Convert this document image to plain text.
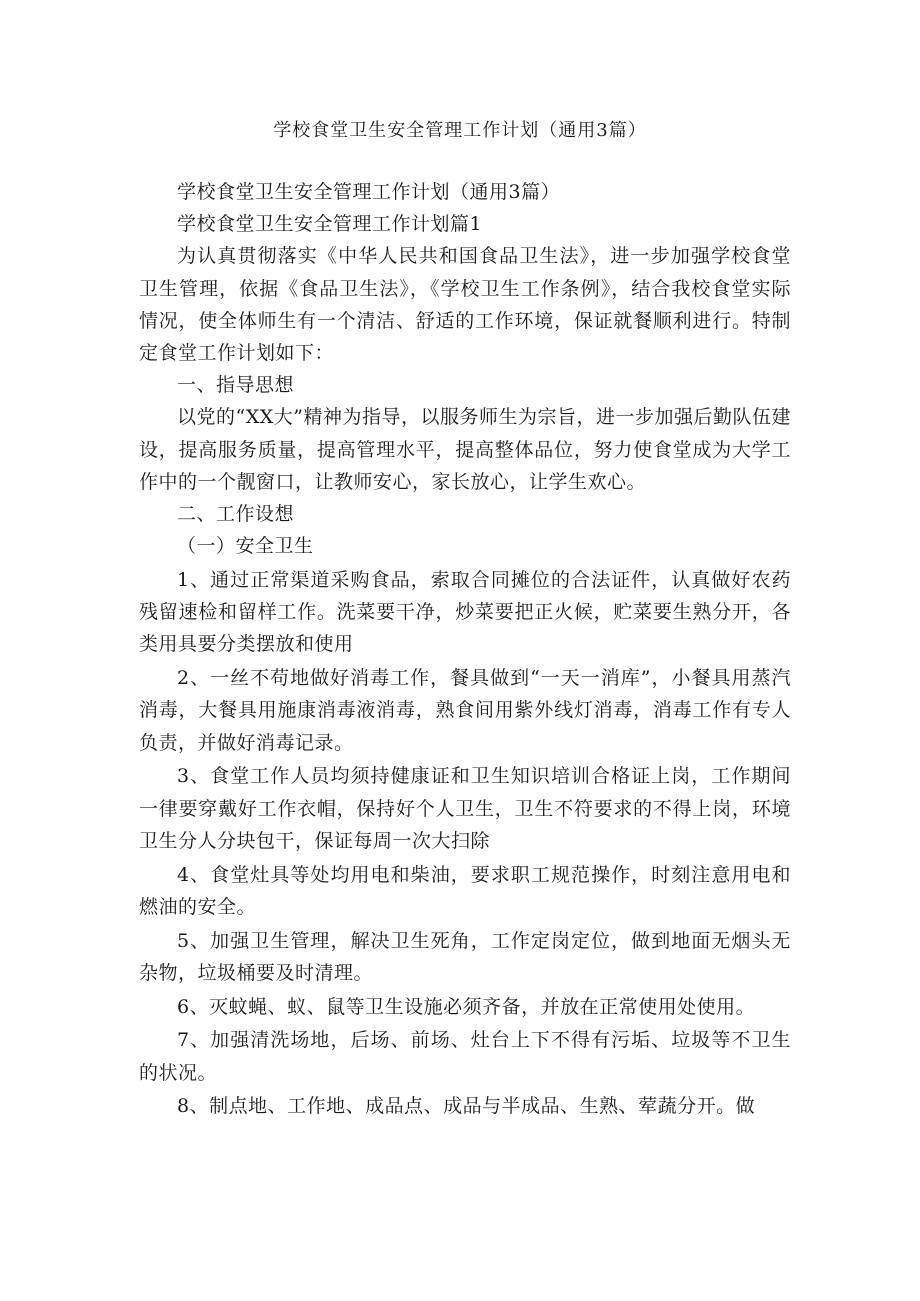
学校食堂卫生安全管理工作计划（通用3篇）

学校食堂卫生安全管理工作计划（通用3篇）

学校食堂卫生安全管理工作计划篇1

为认真贯彻落实《中华人民共和国食品卫生法》，进一步加强学校食堂卫生管理，依据《食品卫生法》，《学校卫生工作条例》，结合我校食堂实际情况，使全体师生有一个清洁、舒适的工作环境，保证就餐顺利进行。特制定食堂工作计划如下：

一、指导思想

以党的“XX大”精神为指导，以服务师生为宗旨，进一步加强后勤队伍建设，提高服务质量，提高管理水平，提高整体品位，努力使食堂成为大学工作中的一个靓窗口，让教师安心，家长放心，让学生欢心。

二、工作设想

（一）安全卫生

1、通过正常渠道采购食品，索取合同摊位的合法证件，认真做好农药残留速检和留样工作。洗菜要干净，炒菜要把正火候，贮菜要生熟分开，各类用具要分类摆放和使用

2、一丝不苟地做好消毒工作，餐具做到“一天一消库”，小餐具用蒸汽消毒，大餐具用施康消毒液消毒，熟食间用紫外线灯消毒，消毒工作有专人负责，并做好消毒记录。

3、食堂工作人员均须持健康证和卫生知识培训合格证上岗，工作期间一律要穿戴好工作衣帽，保持好个人卫生，卫生不符要求的不得上岗，环境卫生分人分块包干，保证每周一次大扫除

4、食堂灶具等处均用电和柴油，要求职工规范操作，时刻注意用电和燃油的安全。

5、加强卫生管理，解决卫生死角，工作定岗定位，做到地面无烟头无杂物，垃圾桶要及时清理。

6、灭蚊蝇、蚁、鼠等卫生设施必须齐备，并放在正常使用处使用。

7、加强清洗场地，后场、前场、灶台上下不得有污垢、垃圾等不卫生的状况。

8、制点地、工作地、成品点、成品与半成品、生熟、荤蔬分开。做
